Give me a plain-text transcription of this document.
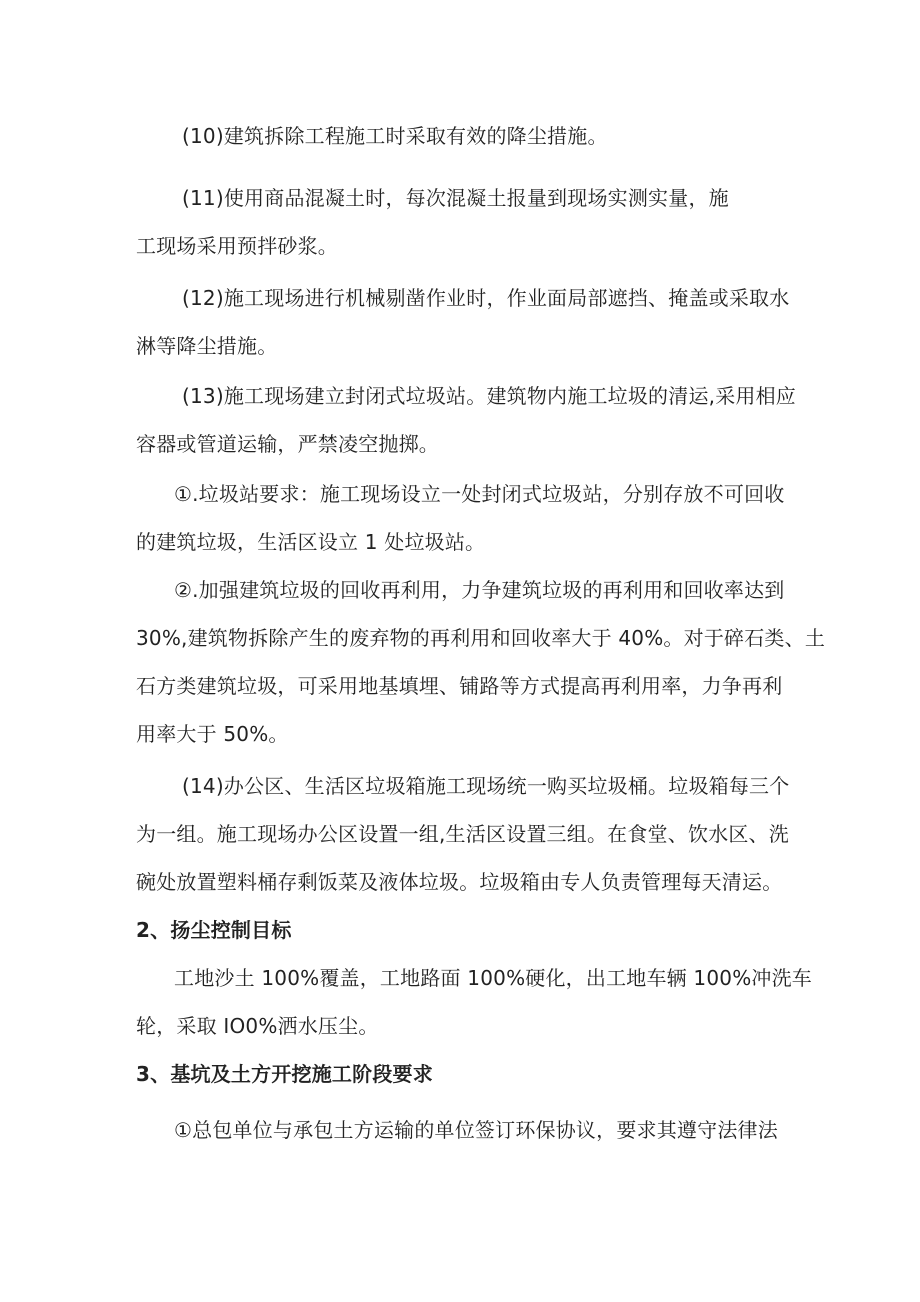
(10)建筑拆除工程施工时采取有效的降尘措施。
(11)使用商品混凝土时，每次混凝土报量到现场实测实量，施
工现场采用预拌砂浆。
(12)施工现场进行机械剔凿作业时，作业面局部遮挡、掩盖或采取水
淋等降尘措施。
(13)施工现场建立封闭式垃圾站。建筑物内施工垃圾的清运,采用相应
容器或管道运输，严禁凌空抛掷。
①.垃圾站要求：施工现场设立一处封闭式垃圾站，分别存放不可回收
的建筑垃圾，生活区设立 1 处垃圾站。
②.加强建筑垃圾的回收再利用，力争建筑垃圾的再利用和回收率达到
30%,建筑物拆除产生的废弃物的再利用和回收率大于 40%。对于碎石类、土
石方类建筑垃圾，可采用地基填埋、铺路等方式提高再利用率，力争再利
用率大于 50%。
(14)办公区、生活区垃圾箱施工现场统一购买垃圾桶。垃圾箱每三个
为一组。施工现场办公区设置一组,生活区设置三组。在食堂、饮水区、洗
碗处放置塑料桶存剩饭菜及液体垃圾。垃圾箱由专人负责管理每天清运。
2、扬尘控制目标
工地沙土 100%覆盖，工地路面 100%硬化，出工地车辆 100%冲洗车
轮，采取 IO0%洒水压尘。
3、基坑及土方开挖施工阶段要求
①总包单位与承包土方运输的单位签订环保协议，要求其遵守法律法
